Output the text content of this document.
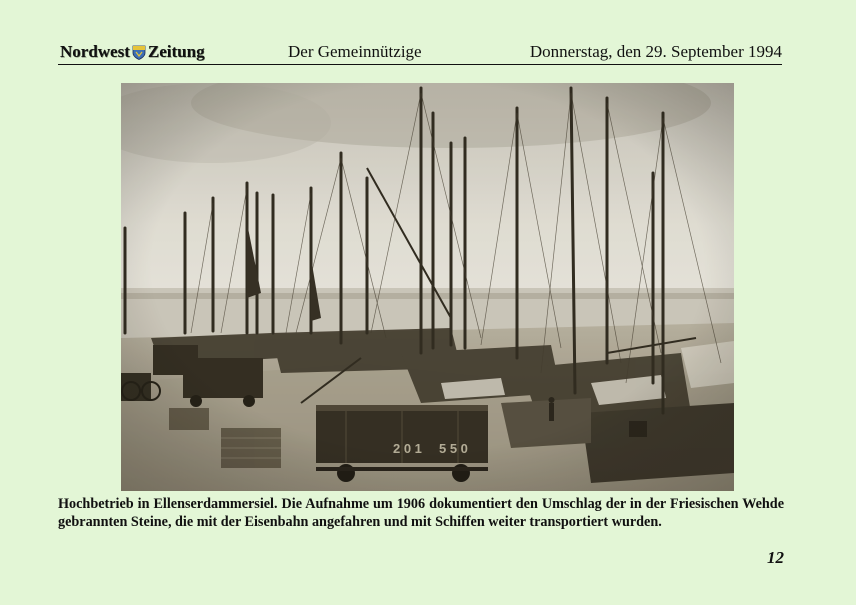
Nordwest Zeitung	Der Gemeinnützige	Donnerstag, den 29. September 1994
Hochbetrieb in Ellenserdammersiel. Die Aufnahme um 1906 dokumentiert den Umschlag der in der Friesischen Wehde gebrannten Steine, die mit der Eisenbahn angefahren und mit Schiffen weiter transportiert wurden.
12
